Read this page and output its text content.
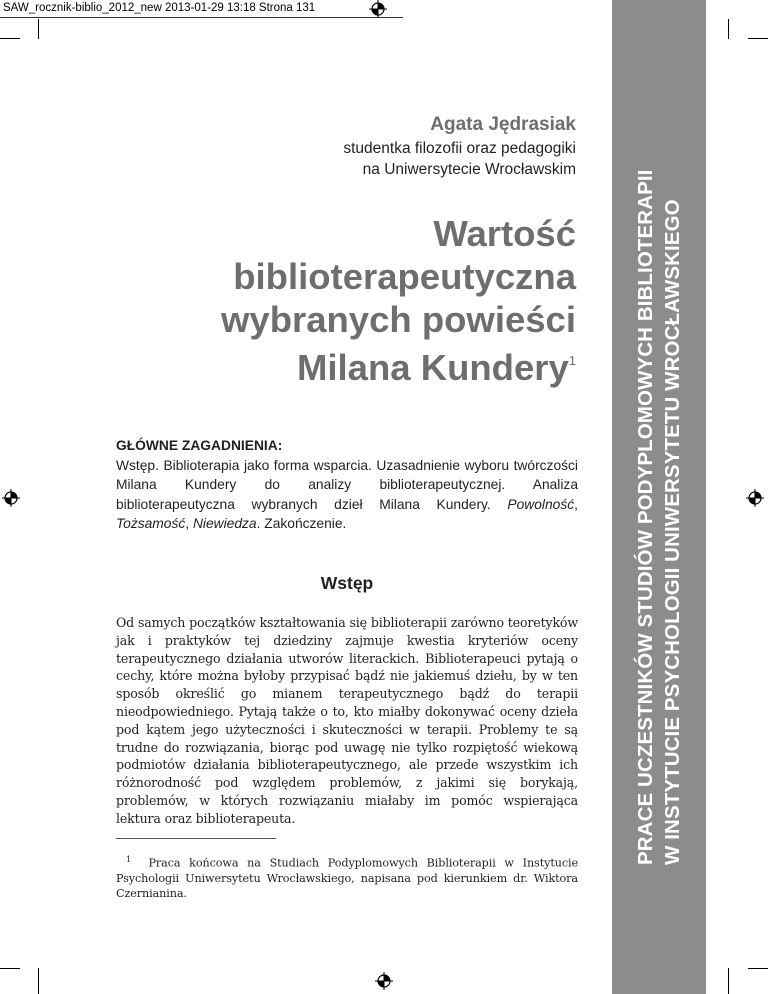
SAW_rocznik-biblio_2012_new 2013-01-29 13:18 Strona 131
PRACE UCZESTNIKÓW STUDIÓW PODYPLOMOWYCH BIBLIOTERAPII W INSTYTUCIE PSYCHOLOGII UNIWERSYTETU WROCŁAWSKIEGO
Agata Jędrasiak
studentka filozofii oraz pedagogiki
na Uniwersytecie Wrocławskim
Wartość
biblioterapeutyczna
wybranych powieści
Milana Kundery$^1$
GŁÓWNE ZAGADNIENIA:
Wstęp. Biblioterapia jako forma wsparcia. Uzasadnienie wyboru twórczości Milana Kundery do analizy biblioterapeutycznej. Analiza biblioterapeutyczna wybranych dzieł Milana Kundery. Powolność, Tożsamość, Niewiedza. Zakończenie.
Wstęp
Od samych początków kształtowania się biblioterapii zarówno teoretyków jak i praktyków tej dziedziny zajmuje kwestia kryteriów oceny terapeutycznego działania utworów literackich. Biblioterapeuci pytają o cechy, które można byłoby przypisać bądź nie jakiemuś dziełu, by w ten sposób określić go mianem terapeutycznego bądź do terapii nieodpowiedniego. Pytają także o to, kto miałby dokonywać oceny dzieła pod kątem jego użyteczności i skuteczności w terapii. Problemy te są trudne do rozwiązania, biorąc pod uwagę nie tylko rozpiętość wiekową podmiotów działania biblioterapeutycznego, ale przede wszystkim ich różnorodność pod względem problemów, z jakimi się borykają, problemów, w których rozwiązaniu miałaby im pomóc wspierająca lektura oraz biblioterapeuta.
$^1$ Praca końcowa na Studiach Podyplomowych Biblioterapii w Instytucie Psychologii Uniwersytetu Wrocławskiego, napisana pod kierunkiem dr. Wiktora Czernianina.
